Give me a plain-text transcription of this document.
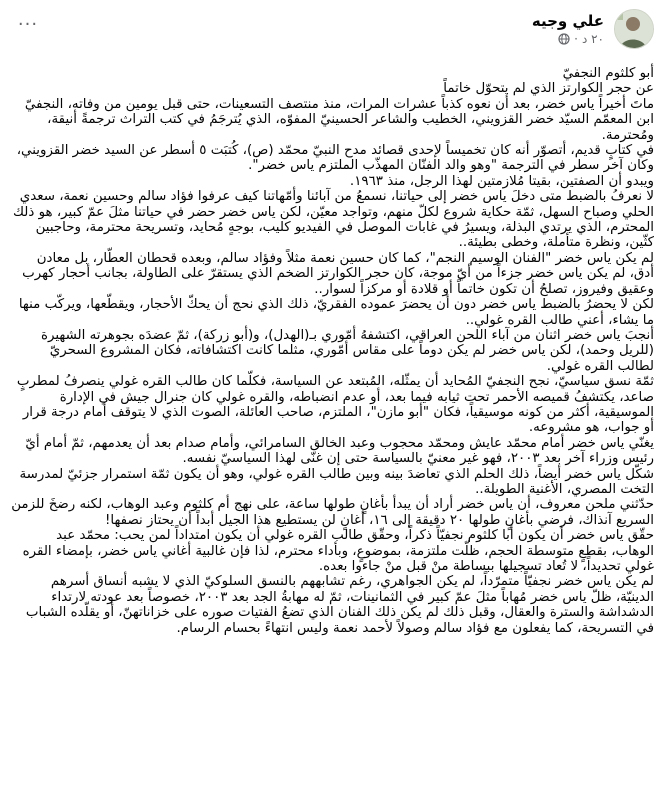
علي وجيه
٢٠ د
·
···

أبو كلثوم النجفيّ

عن حجر الكوارتز الذي لم يتحوّل خاتماً

ماتَ أخيراً ياس خضر، بعد أن نعوه كذباً عشرات المرات، منذ منتصف التسعينات، حتى قبل يومين من وفاته، النجفيّ ابن المعمّم السيّد خضر القزويني، الخطيب والشاعر الحسينيّ المفوّه، الذي يُترجَمُ في كتب التراث ترجمةً أنيقة، ومُحترمة.

في كتابٍ قديم، أتصوّر أنه كان تخميساً لإحدى قصائد مدح النبيّ محمّد (ص)، كُتبَت ٥ أسطر عن السيد خضر القزويني، وكان آخر سطر في الترجمة "وهو والد الفنّان المهذّب الملتزم ياس خضر".

ويبدو أن الصفتين، بقيتا مُلازمتين لهذا الرجل، منذ ١٩٦٣.

لا نعرفُ بالضبط متى دخلَ ياس خضر إلى حياتنا، نسمعُ من آبائنا وأمّهاتنا كيف عرفوا فؤاد سالم وحسين نعمة، سعدي الحلي وصباح السهل، ثمّة حكاية شروع لكلّ منهم، وتواجد معيّن، لكن ياس خضر حضر في حياتنا مثلَ عمّ كبير، هو ذلك المحترم، الذي يرتدي البذلة، ويسيرُ في غابات الموصل في الفيديو كليب، بوجهٍ مُحايد، وتسريحة محترمة، وحاجبين كثّين، ونظرة متأملة، وخطى بطيئة..

لم يكن ياس خضر "الفنان الوسيم النجم"، كما كان حسين نعمة مثلاً وفؤاد سالم، وبعده قحطان العطّار، بل معادن أدق، لم يكن ياس خضر جزءاً من أيّ موجة، كان حجر الكوارتز الضخم الذي يستقرّ على الطاولة، بجانب أحجار كهرب وعقيق وفيروز، تصلحُ أن تكون خاتماً أو قلادة أو مركزاً لسوار..

لكن لا يحضرُ بالضبط ياس خضر دون أن يحضرَ عموده الفقريّ، ذلك الذي نحج أن يحكّ الأحجار، ويقطّعها، ويركّب منها ما يشاء، أعني طالب القره غولي..

أنجبَ ياس خضر اثنان من آباء اللحن العراقي، اكتشفهُ أمّوري بـ(الهدل)، و(أبو زركة)، ثمّ عضدَه بجوهرته الشهيرة (للريل وحمد)، لكن ياس خضر لم يكن دوماً على مقاس أمّوري، مثلما كانت اكتشافاته، فكان المشروع السحريّ لطالب القره غولي.

ثمّة نسق سياسيّ، نجح النجفيّ المُحايد أن يمثّله، المُبتعد عن السياسة، فكلّما كان طالب القره غولي ينصرفُ لمطربٍ صاعد، يكتشفُ قميصه الأحمر تحت ثيابه فيما بعد، أو عدم انضباطه، والقره غولي كان جنرال جيش في الإدارة الموسيقية، أكثر من كونه موسيقياً، فكان "أبو مازن"، الملتزم، صاحب العائلة، الصوت الذي لا يتوقف أمام درجة قرار أو جواب، هو مشروعه.

يغنّي ياس خضر أمام محمّد عايش ومحمّد محجوب وعبد الخالق السامرائي، وأمام صدام بعد أن يعدمهم، ثمّ أمام أيّ رئيس وزراء آخر بعد ٢٠٠٣، فهو غير معنيّ بالسياسة حتى إن غنّى لهذا السياسيّ نفسه.

شكّل ياس خضر أيضاً، ذلك الحلم الذي تعاضدَ بينه وبين طالب القره غولي، وهو أن يكون ثمّة استمرار جزئيّ لمدرسة التخت المصري، الأغنية الطويلة..

حدّثني ملحن معروف، أن ياس خضر أراد أن يبدأ بأغانٍ طولها ساعة، على نهج أم كلثوم وعبد الوهاب، لكنه رضخَ للزمن السريع آنذاك، فرضي بأغانٍ طولها ٢٠ دقيقة إلى ١٦، أغانٍ لن يستطيع هذا الجيل أبداً أن يحتاز نصفها!

حقّق ياس خضر أن يكون أبا كلثوم نجفيّاً ذكراً، وحقّق طالب القره غولي أن يكون امتداداً لمن يحب: محمّد عبد الوهاب، بقطعٍ متوسطة الحجم، ظلّت ملتزمة، بموضوعٍ، وبأداء محترم، لذا فإن غالبية أغاني ياس خضر، بإمضاء القره غولي تحديداً، لا تُعاد تسجيلها ببساطة منْ قبل منْ جاءوا بعده.

لم يكن ياس خضر نجفيّاً متمرّداً، لم يكن الجواهري، رغم تشابههم بالنسق السلوكيّ الذي لا يشبه أنساق أسرهم الدينيّة، ظلّ ياس خضر مُهاباً مثلَ عمّ كبير في الثمانينات، ثمّ له مهابةُ الجد بعد ٢٠٠٣، خصوصاً بعد عودته لارتداء الدشداشة والسترة والعقال، وقبل ذلك لم يكن ذلك الفنان الذي تضعُ الفتيات صوره على خزاناتهنّ، أو يقلّده الشباب في التسريحة، كما يفعلون مع فؤاد سالم وصولاً لأحمد نعمة وليس انتهاءً بحسام الرسام.
